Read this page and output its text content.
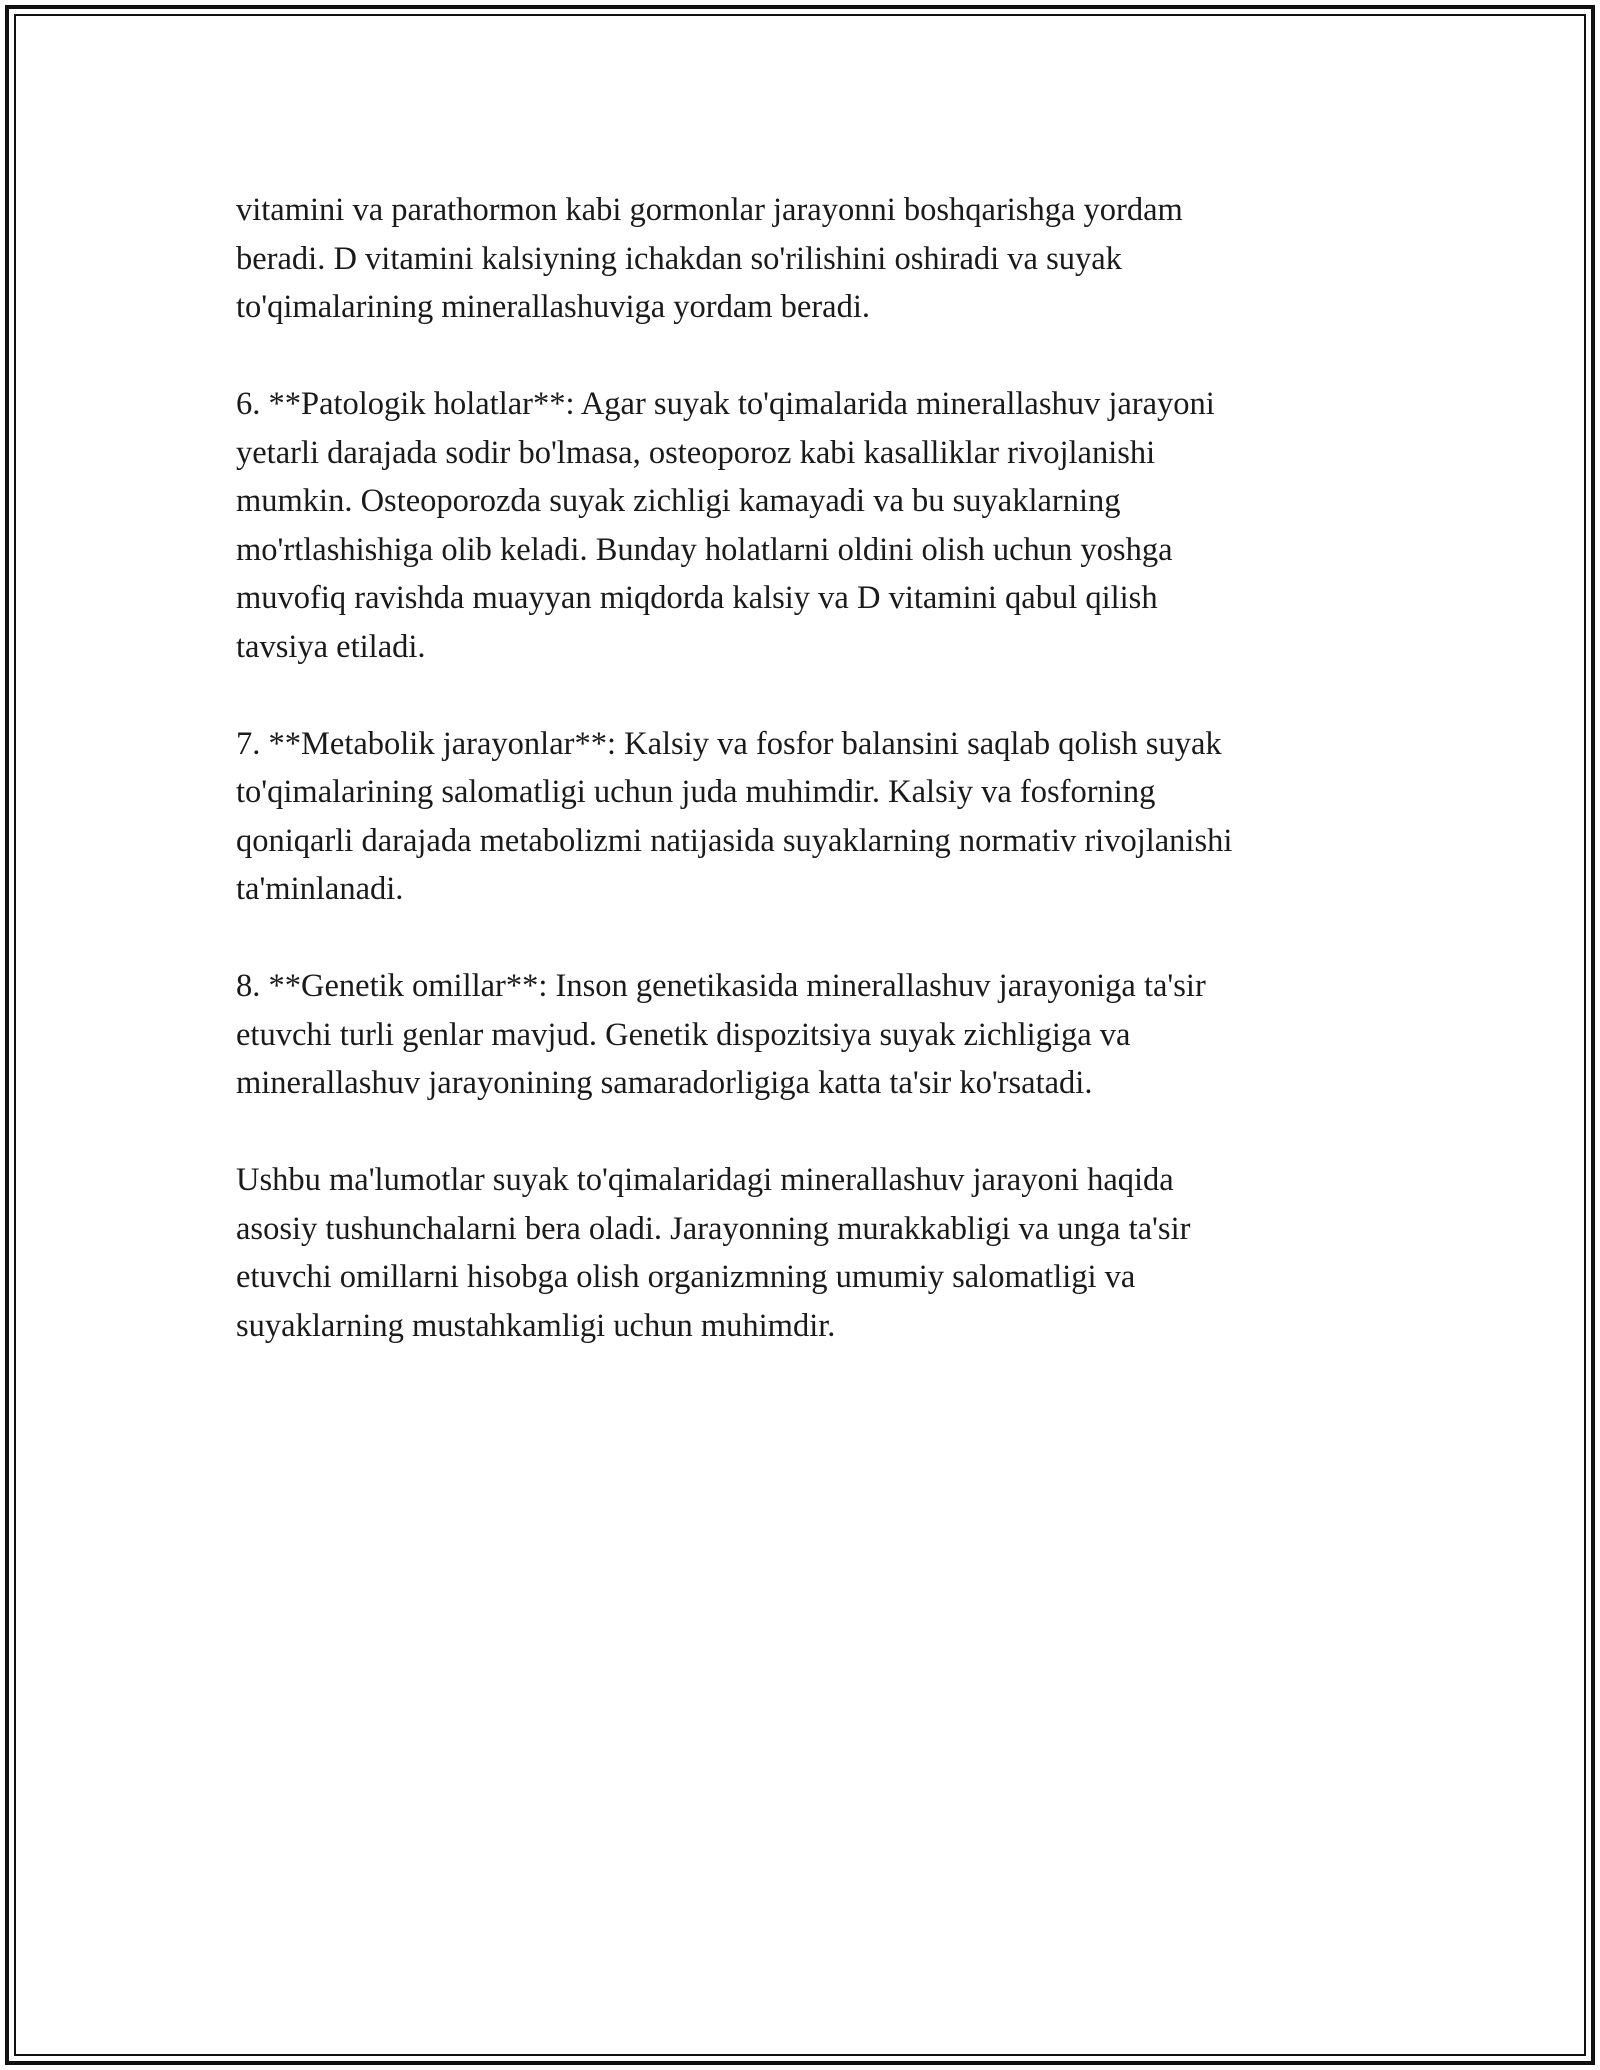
vitamini va parathormon kabi gormonlar jarayonni boshqarishga yordam
beradi. D vitamini kalsiyning ichakdan so'rilishini oshiradi va suyak
to'qimalarining minerallashuviga yordam beradi.

6. **Patologik holatlar**: Agar suyak to'qimalarida minerallashuv jarayoni
yetarli darajada sodir bo'lmasa, osteoporoz kabi kasalliklar rivojlanishi
mumkin. Osteoporozda suyak zichligi kamayadi va bu suyaklarning
mo'rtlashishiga olib keladi. Bunday holatlarni oldini olish uchun yoshga
muvofiq ravishda muayyan miqdorda kalsiy va D vitamini qabul qilish
tavsiya etiladi.

7. **Metabolik jarayonlar**: Kalsiy va fosfor balansini saqlab qolish suyak
to'qimalarining salomatligi uchun juda muhimdir. Kalsiy va fosforning
qoniqarli darajada metabolizmi natijasida suyaklarning normativ rivojlanishi
ta'minlanadi.

8. **Genetik omillar**: Inson genetikasida minerallashuv jarayoniga ta'sir
etuvchi turli genlar mavjud. Genetik dispozitsiya suyak zichligiga va
minerallashuv jarayonining samaradorligiga katta ta'sir ko'rsatadi.

Ushbu ma'lumotlar suyak to'qimalaridagi minerallashuv jarayoni haqida
asosiy tushunchalarni bera oladi. Jarayonning murakkabligi va unga ta'sir
etuvchi omillarni hisobga olish organizmning umumiy salomatligi va
suyaklarning mustahkamligi uchun muhimdir.
